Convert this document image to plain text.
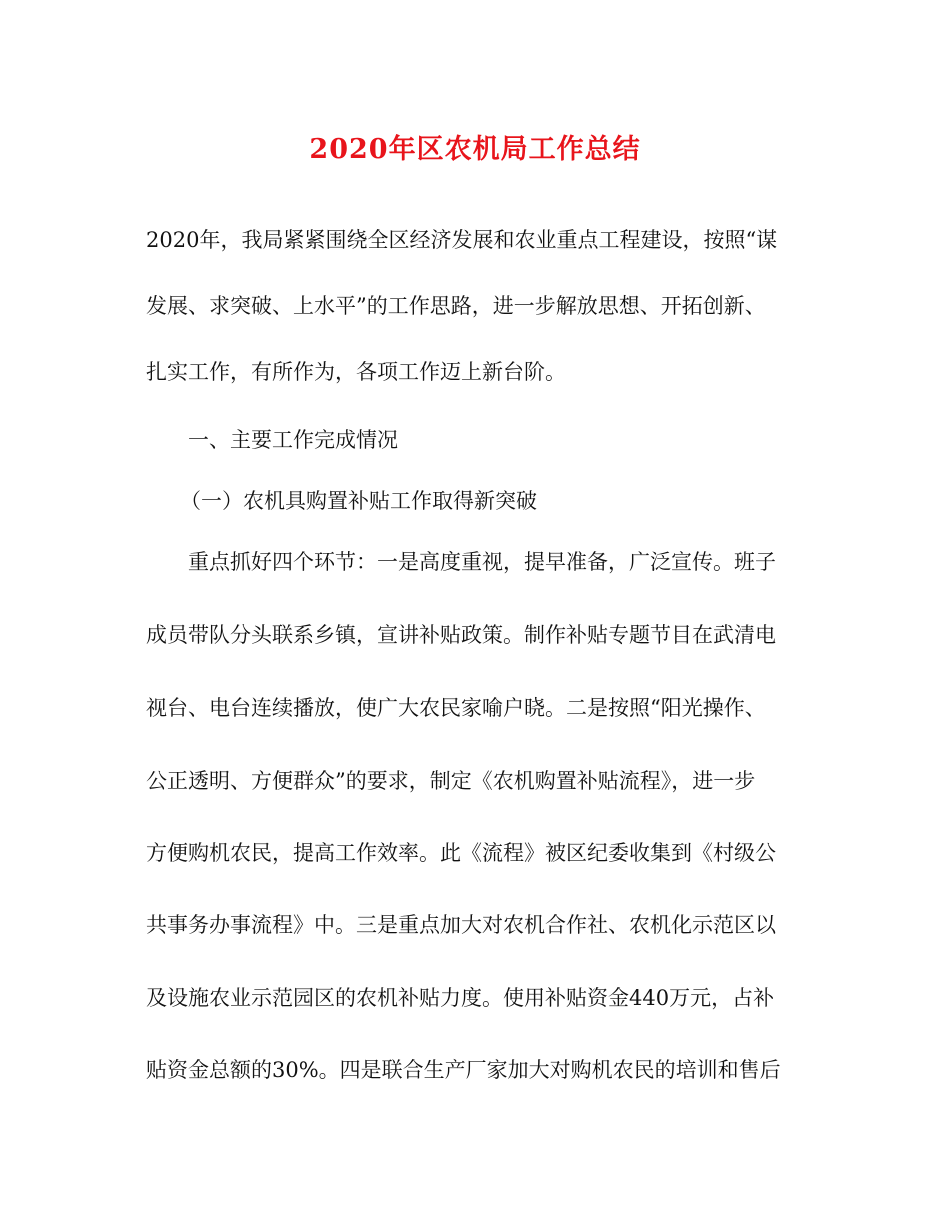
2020年区农机局工作总结
2020年，我局紧紧围绕全区经济发展和农业重点工程建设，按照“谋
发展、求突破、上水平”的工作思路，进一步解放思想、开拓创新、
扎实工作，有所作为，各项工作迈上新台阶。
一、主要工作完成情况
（一）农机具购置补贴工作取得新突破
重点抓好四个环节：一是高度重视，提早准备，广泛宣传。班子
成员带队分头联系乡镇，宣讲补贴政策。制作补贴专题节目在武清电
视台、电台连续播放，使广大农民家喻户晓。二是按照“阳光操作、
公正透明、方便群众”的要求，制定《农机购置补贴流程》，进一步
方便购机农民，提高工作效率。此《流程》被区纪委收集到《村级公
共事务办事流程》中。三是重点加大对农机合作社、农机化示范区以
及设施农业示范园区的农机补贴力度。使用补贴资金440万元，占补
贴资金总额的30%。四是联合生产厂家加大对购机农民的培训和售后
